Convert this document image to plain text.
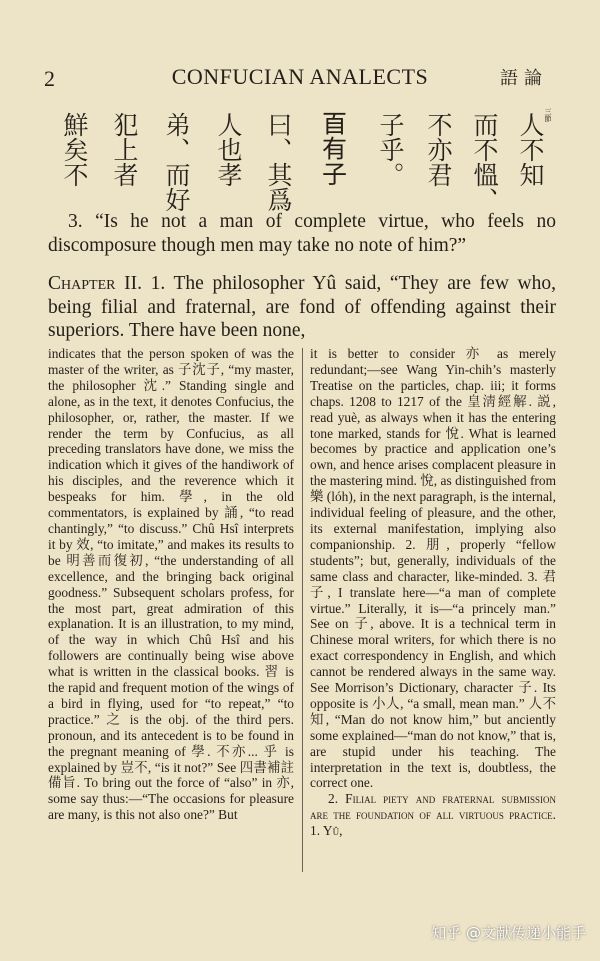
2	CONFUCIAN ANALECTS	語論
人不知
而不慍、
不亦君
子乎。
𦣻有子
曰、其爲
人也孝
弟、而好
犯上者
鮮矣不	三節
3. “Is he not a man of complete virtue, who feels no discomposure though men may take no note of him?”
Chapter II. 1. The philosopher Yû said, “They are few who, being filial and fraternal, are fond of offending against their superiors. There have been none,

indicates that the person spoken of was the master of the writer, as 子沈子, “my master, the philosopher 沈.” Standing single and alone, as in the text, it denotes Confucius, the philosopher, or, rather, the master. If we render the term by Confucius, as all preceding translators have done, we miss the indication which it gives of the handiwork of his disciples, and the reverence which it bespeaks for him. 學, in the old commentators, is explained by 誦, “to read chantingly,” “to discuss.” Chû Hsî interprets it by 效, “to imitate,” and makes its results to be 明善而復初, “the understanding of all excellence, and the bringing back original goodness.” Subsequent scholars profess, for the most part, great admiration of this explanation. It is an illustration, to my mind, of the way in which Chû Hsî and his followers are continually being wise above what is written in the classical books. 習 is the rapid and frequent motion of the wings of a bird in flying, used for “to repeat,” “to practice.” 之 is the obj. of the third pers. pronoun, and its antecedent is to be found in the pregnant meaning of 學. 不亦... 乎 is explained by 豈不, “is it not?” See 四書補註備旨. To bring out the force of “also” in 亦, some say thus:—“The occasions for pleasure are many, is this not also one?” But

it is better to consider 亦 as merely redundant;—see Wang Yin-chih’s masterly Treatise on the particles, chap. iii; it forms chaps. 1208 to 1217 of the 皇淸經解. 説, read yuè, as always when it has the entering tone marked, stands for 悅. What is learned becomes by practice and application one’s own, and hence arises complacent pleasure in the mastering mind. 悅, as distinguished from 樂 (lóh), in the next paragraph, is the internal, individual feeling of pleasure, and the other, its external manifestation, implying also companionship. 2. 朋, properly “fellow students”; but, generally, individuals of the same class and character, like-minded. 3. 君子, I translate here—“a man of complete virtue.” Literally, it is—“a princely man.” See on 子, above. It is a technical term in Chinese moral writers, for which there is no exact correspondency in English, and which cannot be rendered always in the same way. See Morrison’s Dictionary, character 子. Its opposite is 小人, “a small, mean man.” 人不知, “Man do not know him,” but anciently some explained—“man do not know,” that is, are stupid under his teaching. The interpretation in the text is, doubtless, the correct one.

2. Filial piety and fraternal submission are the foundation of all virtuous practice. 1. Yû,

知乎 @文献传递小能手
